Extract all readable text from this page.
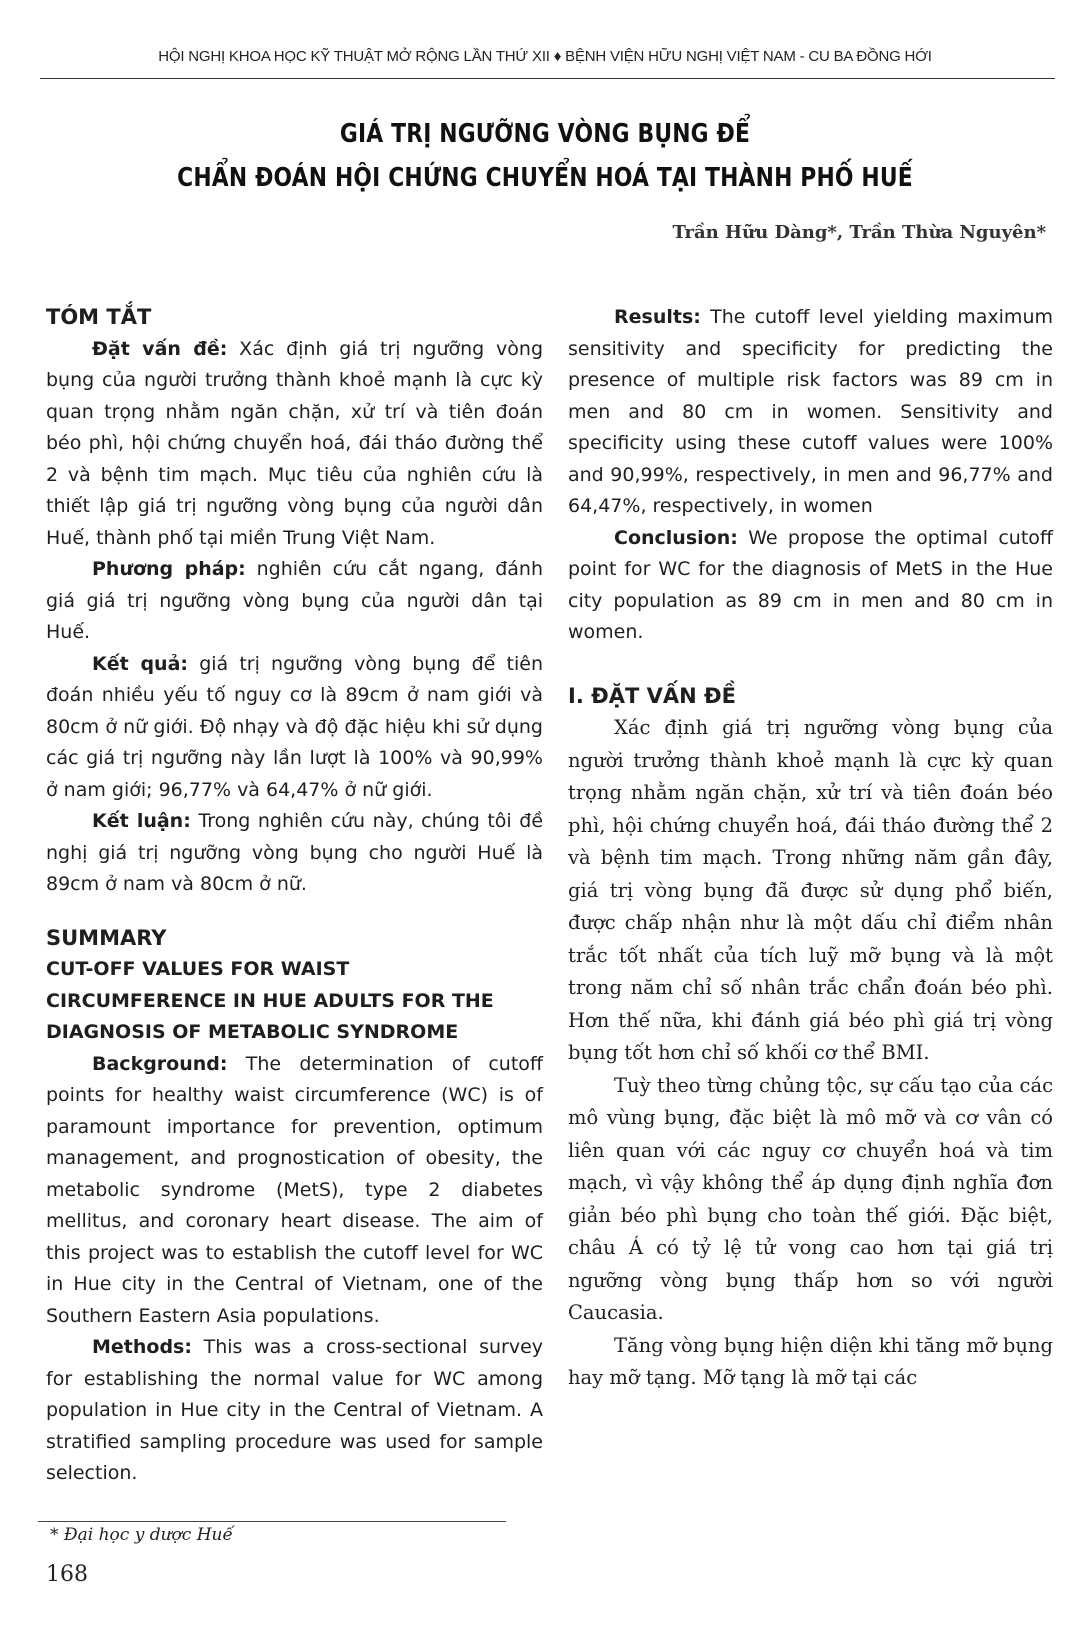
HỘI NGHỊ KHOA HỌC KỸ THUẬT MỞ RỘNG LẦN THỨ XII ♦ BỆNH VIỆN HỮU NGHỊ VIỆT NAM - CU BA ĐỒNG HỚI
GIÁ TRỊ NGƯỠNG VÒNG BỤNG ĐỂ
CHẨN ĐOÁN HỘI CHỨNG CHUYỂN HOÁ TẠI THÀNH PHỐ HUẾ
Trần Hữu Dàng*, Trần Thừa Nguyên*

TÓM TẮT

Đặt vấn đề: Xác định giá trị ngưỡng vòng bụng của người trưởng thành khoẻ mạnh là cực kỳ quan trọng nhằm ngăn chặn, xử trí và tiên đoán béo phì, hội chứng chuyển hoá, đái tháo đường thể 2 và bệnh tim mạch. Mục tiêu của nghiên cứu là thiết lập giá trị ngưỡng vòng bụng của người dân Huế, thành phố tại miền Trung Việt Nam.

Phương pháp: nghiên cứu cắt ngang, đánh giá giá trị ngưỡng vòng bụng của người dân tại Huế.

Kết quả: giá trị ngưỡng vòng bụng để tiên đoán nhiều yếu tố nguy cơ là 89cm ở nam giới và 80cm ở nữ giới. Độ nhạy và độ đặc hiệu khi sử dụng các giá trị ngưỡng này lần lượt là 100% và 90,99% ở nam giới; 96,77% và 64,47% ở nữ giới.

Kết luận: Trong nghiên cứu này, chúng tôi đề nghị giá trị ngưỡng vòng bụng cho người Huế là 89cm ở nam và 80cm ở nữ.

SUMMARY

CUT-OFF VALUES FOR WAIST

CIRCUMFERENCE IN HUE ADULTS FOR THE

DIAGNOSIS OF METABOLIC SYNDROME

Background: The determination of cutoff points for healthy waist circumference (WC) is of paramount importance for prevention, optimum management, and prognostication of obesity, the metabolic syndrome (MetS), type 2 diabetes mellitus, and coronary heart disease. The aim of this project was to establish the cutoff level for WC in Hue city in the Central of Vietnam, one of the Southern Eastern Asia populations.

Methods: This was a cross-sectional survey for establishing the normal value for WC among population in Hue city in the Central of Vietnam. A stratified sampling procedure was used for sample selection.

Results: The cutoff level yielding maximum sensitivity and specificity for predicting the presence of multiple risk factors was 89 cm in men and 80 cm in women. Sensitivity and specificity using these cutoff values were 100% and 90,99%, respectively, in men and 96,77% and 64,47%, respectively, in women

Conclusion: We propose the optimal cutoff point for WC for the diagnosis of MetS in the Hue city population as 89 cm in men and 80 cm in women.

I. ĐẶT VẤN ĐỀ

Xác định giá trị ngưỡng vòng bụng của người trưởng thành khoẻ mạnh là cực kỳ quan trọng nhằm ngăn chặn, xử trí và tiên đoán béo phì, hội chứng chuyển hoá, đái tháo đường thể 2 và bệnh tim mạch. Trong những năm gần đây, giá trị vòng bụng đã được sử dụng phổ biến, được chấp nhận như là một dấu chỉ điểm nhân trắc tốt nhất của tích luỹ mỡ bụng và là một trong năm chỉ số nhân trắc chẩn đoán béo phì. Hơn thế nữa, khi đánh giá béo phì giá trị vòng bụng tốt hơn chỉ số khối cơ thể BMI.

Tuỳ theo từng chủng tộc, sự cấu tạo của các mô vùng bụng, đặc biệt là mô mỡ và cơ vân có liên quan với các nguy cơ chuyển hoá và tim mạch, vì vậy không thể áp dụng định nghĩa đơn giản béo phì bụng cho toàn thế giới. Đặc biệt, châu Á có tỷ lệ tử vong cao hơn tại giá trị ngưỡng vòng bụng thấp hơn so với người Caucasia.

Tăng vòng bụng hiện diện khi tăng mỡ bụng hay mỡ tạng. Mỡ tạng là mỡ tại các

* Đại học y dược Huế
168
